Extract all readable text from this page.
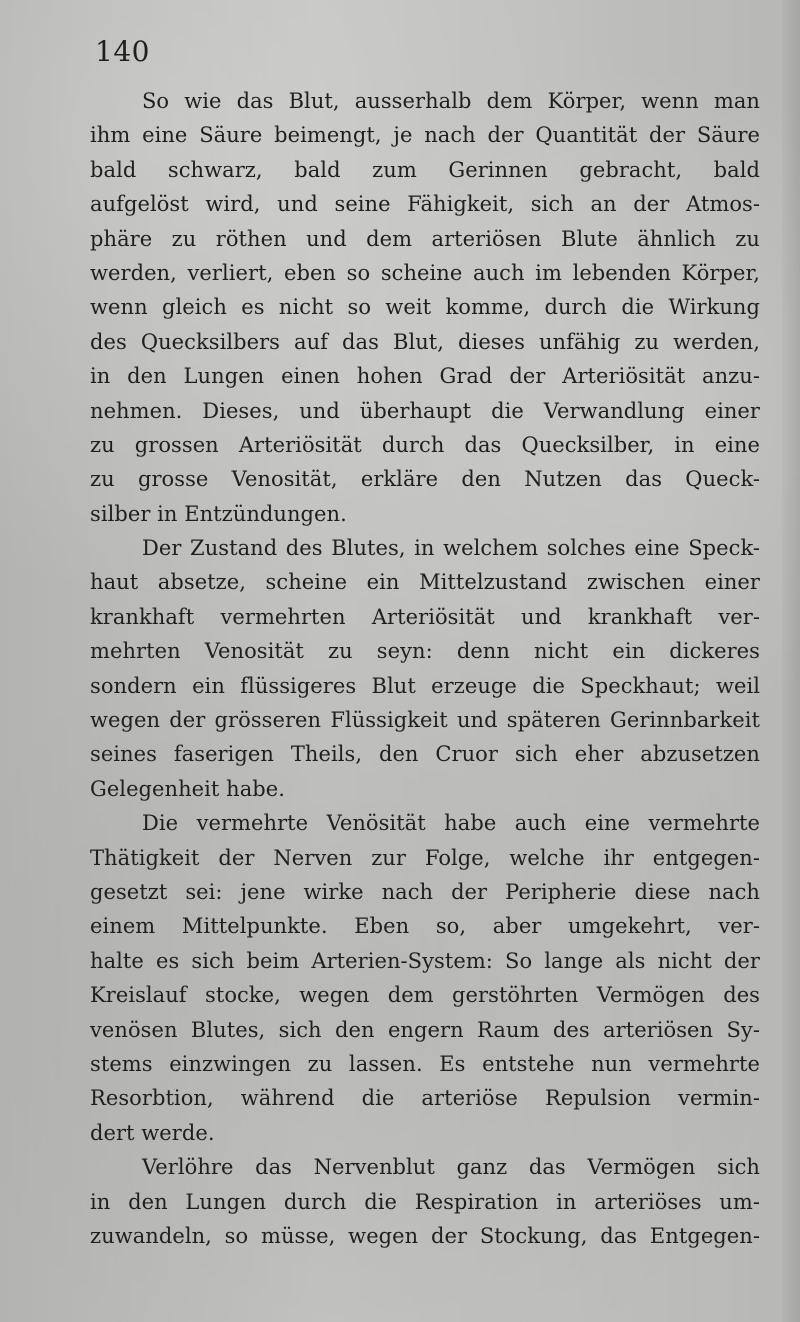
140
So wie das Blut, ausserhalb dem Körper, wenn man
ihm eine Säure beimengt, je nach der Quantität der Säure
bald schwarz, bald zum Gerinnen gebracht, bald
aufgelöst wird, und seine Fähigkeit, sich an der Atmos-
phäre zu röthen und dem arteriösen Blute ähnlich zu
werden, verliert, eben so scheine auch im lebenden Körper,
wenn gleich es nicht so weit komme, durch die Wirkung
des Quecksilbers auf das Blut, dieses unfähig zu werden,
in den Lungen einen hohen Grad der Arteriösität anzu-
nehmen. Dieses, und überhaupt die Verwandlung einer
zu grossen Arteriösität durch das Quecksilber, in eine
zu grosse Venosität, erkläre den Nutzen das Queck-
silber in Entzündungen.
Der Zustand des Blutes, in welchem solches eine Speck-
haut absetze, scheine ein Mittelzustand zwischen einer
krankhaft vermehrten Arteriösität und krankhaft ver-
mehrten Venosität zu seyn: denn nicht ein dickeres
sondern ein flüssigeres Blut erzeuge die Speckhaut; weil
wegen der grösseren Flüssigkeit und späteren Gerinnbarkeit
seines faserigen Theils, den Cruor sich eher abzusetzen
Gelegenheit habe.
Die vermehrte Venösität habe auch eine vermehrte
Thätigkeit der Nerven zur Folge, welche ihr entgegen-
gesetzt sei: jene wirke nach der Peripherie diese nach
einem Mittelpunkte. Eben so, aber umgekehrt, ver-
halte es sich beim Arterien-System: So lange als nicht der
Kreislauf stocke, wegen dem gerstöhrten Vermögen des
venösen Blutes, sich den engern Raum des arteriösen Sy-
stems einzwingen zu lassen. Es entstehe nun vermehrte
Resorbtion, während die arteriöse Repulsion vermin-
dert werde.
Verlöhre das Nervenblut ganz das Vermögen sich
in den Lungen durch die Respiration in arteriöses um-
zuwandeln, so müsse, wegen der Stockung, das Entgegen-
